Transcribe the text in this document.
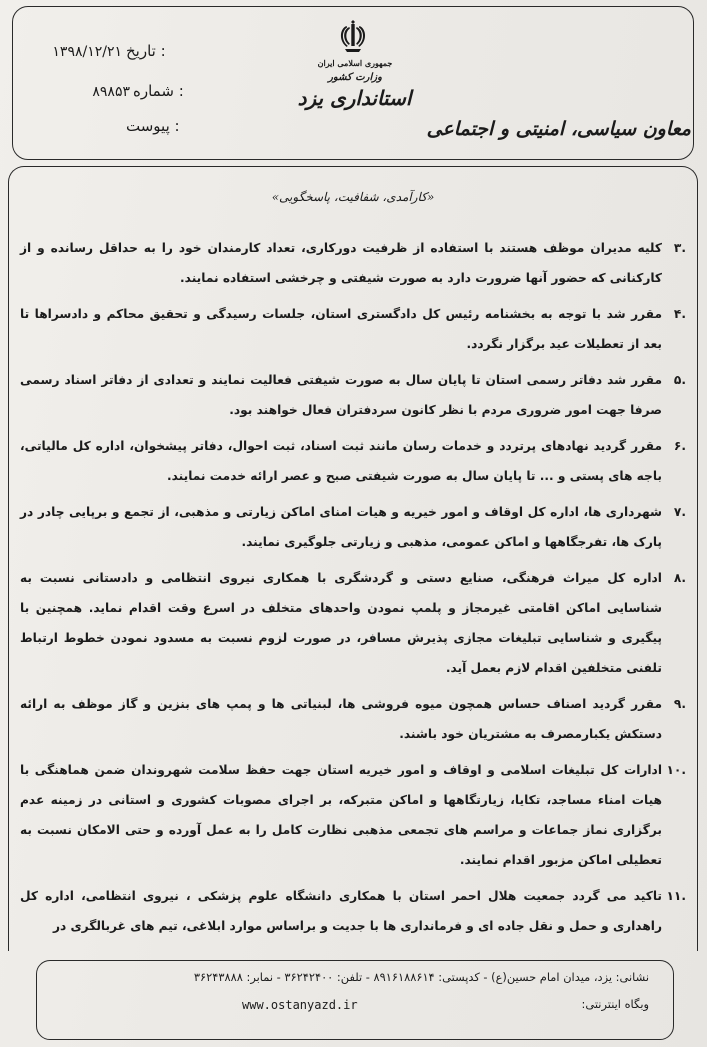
جمهوری اسلامی ایران
وزارت کشور
استانداری یزد
تاریخ :
۱۳۹۸/۱۲/۲۱
شماره :
۸۹۸۵۳
پیوست :	معاون سیاسی، امنیتی و اجتماعی
«کارآمدی، شفافیت، پاسخگویی»
.۳
کلیه مدیران موظف هستند با استفاده از ظرفیت دورکاری، تعداد کارمندان خود را به حداقل رسانده و از کارکنانی که حضور آنها ضرورت دارد به صورت شیفتی و چرخشی استفاده نمایند.
.۴
مقرر شد با توجه به بخشنامه رئیس کل دادگستری استان، جلسات رسیدگی و تحقیق محاکم و دادسراها تا بعد از تعطیلات عید برگزار نگردد.
.۵
مقرر شد دفاتر رسمی استان تا پایان سال به صورت شیفتی فعالیت نمایند و تعدادی از دفاتر اسناد رسمی صرفا جهت امور ضروری مردم با نظر کانون سردفتران فعال خواهند بود.
.۶
مقرر گردید نهادهای پرتردد و خدمات رسان مانند ثبت اسناد، ثبت احوال، دفاتر پیشخوان، اداره کل مالیاتی، باجه های پستی و ... تا پایان سال به صورت شیفتی صبح و عصر ارائه خدمت نمایند.
.۷
شهرداری ها، اداره کل اوقاف و امور خیریه و هیات امنای اماکن زیارتی و مذهبی، از تجمع و برپایی چادر در پارک ها، تفرجگاهها و اماکن عمومی، مذهبی و زیارتی جلوگیری نمایند.
.۸
اداره کل میراث فرهنگی، صنایع دستی و گردشگری با همکاری نیروی انتظامی و دادستانی نسبت به شناسایی اماکن اقامتی غیرمجاز و پلمپ نمودن واحدهای متخلف در اسرع وقت اقدام نماید. همچنین با پیگیری و شناسایی تبلیغات مجازی پذیرش مسافر، در صورت لزوم نسبت به مسدود نمودن خطوط ارتباط تلفنی متخلفین اقدام لازم بعمل آید.
.۹
مقرر گردید اصناف حساس همچون میوه فروشی ها، لبنیاتی ها و پمپ های بنزین و گاز موظف به ارائه دستکش یکبارمصرف به مشتریان خود باشند.
.۱۰
ادارات کل تبلیغات اسلامی و اوقاف و امور خیریه استان جهت حفظ سلامت شهروندان ضمن هماهنگی با هیات امناء مساجد، تکایا، زیارتگاهها و اماکن متبرکه، بر اجرای مصوبات کشوری و استانی در زمینه عدم برگزاری نماز جماعات و مراسم های تجمعی مذهبی نظارت کامل را به عمل آورده و حتی الامکان نسبت به تعطیلی اماکن مزبور اقدام نمایند.
.۱۱
تاکید می گردد جمعیت هلال احمر استان با همکاری دانشگاه علوم پزشکی ، نیروی انتظامی، اداره کل راهداری و حمل و نقل جاده ای و فرمانداری ها با جدیت و براساس موارد ابلاغی، تیم های غربالگری در
نشانی: یزد، میدان امام حسین(ع) - کدپستی: ۸۹۱۶۱۸۸۶۱۴ - تلفن: ۳۶۲۴۲۴۰۰ - نمابر: ۳۶۲۴۳۸۸۸
وبگاه اینترنتی:
www.ostanyazd.ir
